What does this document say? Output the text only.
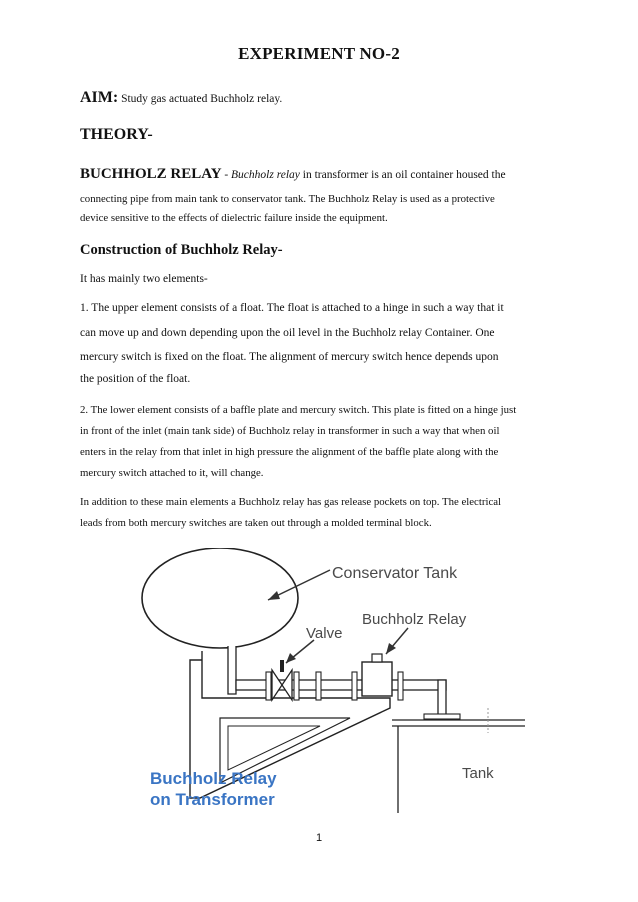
EXPERIMENT NO-2
AIM: Study gas actuated Buchholz relay.
THEORY-
BUCHHOLZ RELAY - Buchholz relay in transformer is an oil container housed the
connecting pipe from main tank to conservator tank. The Buchholz Relay is used as a protective
device sensitive to the effects of dielectric failure inside the equipment.
Construction of Buchholz Relay-
It has mainly two elements-
1. The upper element consists of a float. The float is attached to a hinge in such a way that it
can move up and down depending upon the oil level in the Buchholz relay Container. One
mercury switch is fixed on the float. The alignment of mercury switch hence depends upon
the position of the float.
2. The lower element consists of a baffle plate and mercury switch. This plate is fitted on a hinge just
in front of the inlet (main tank side) of Buchholz relay in transformer in such a way that when oil
enters in the relay from that inlet in high pressure the alignment of the baffle plate along with the
mercury switch attached to it, will change.
In addition to these main elements a Buchholz relay has gas release pockets on top. The electrical
leads from both mercury switches are taken out through a molded terminal block.
Conservator Tank
Buchholz Relay
Valve
Tank
Buchholz Relay
on Transformer
1
